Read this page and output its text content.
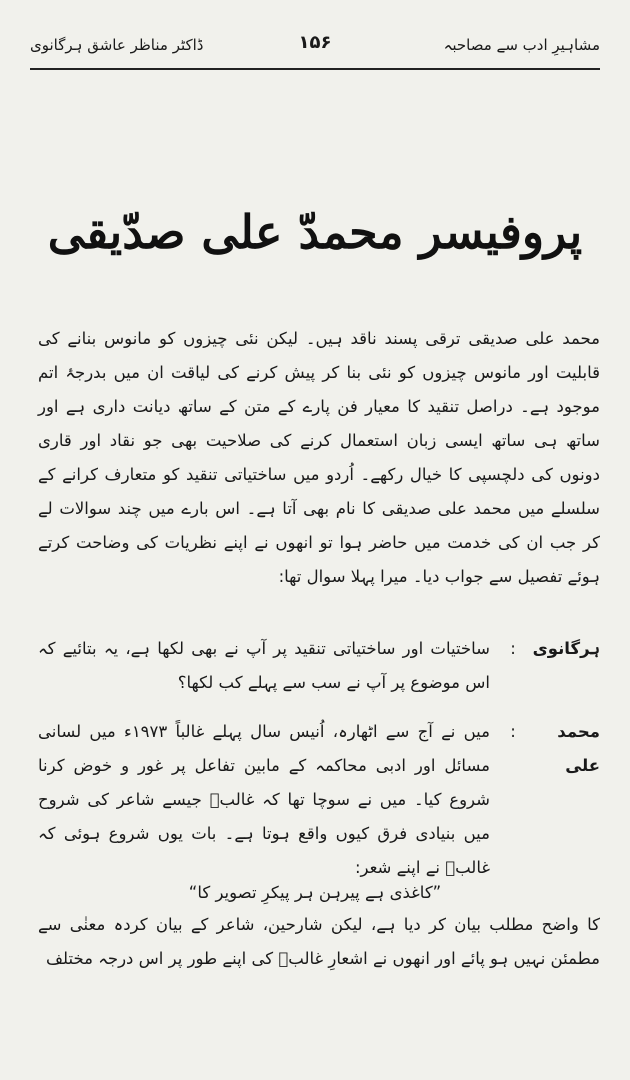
مشاہیرِ ادب سے مصاحبہ
۱۵۶
ڈاکٹر مناظر عاشق ہرگانوی
پروفیسر محمدّ علی صدّیقی

محمد علی صدیقی ترقی پسند ناقد ہیں۔ لیکن نئی چیزوں کو مانوس بنانے کی قابلیت اور مانوس چیزوں کو نئی بنا کر پیش کرنے کی لیاقت ان میں بدرجۂ اتم موجود ہے۔ دراصل تنقید کا معیار فن پارے کے متن کے ساتھ دیانت داری ہے اور ساتھ ہی ساتھ ایسی زبان استعمال کرنے کی صلاحیت بھی جو نقاد اور قاری دونوں کی دلچسپی کا خیال رکھے۔ اُردو میں ساختیاتی تنقید کو متعارف کرانے کے سلسلے میں محمد علی صدیقی کا نام بھی آتا ہے۔ اس بارے میں چند سوالات لے کر جب ان کی خدمت میں حاضر ہوا تو انھوں نے اپنے نظریات کی وضاحت کرتے ہوئے تفصیل سے جواب دیا۔ میرا پہلا سوال تھا:

ہرگانوی
:
ساختیات اور ساختیاتی تنقید پر آپ نے بھی لکھا ہے، یہ بتائیے کہ اس موضوع پر آپ نے سب سے پہلے کب لکھا؟
محمد علی
:
میں نے آج سے اٹھارہ، اُنیس سال پہلے غالباً ۱۹۷۳ء میں لسانی مسائل اور ادبی محاکمہ کے مابین تفاعل پر غور و خوض کرنا شروع کیا۔ میں نے سوچا تھا کہ غالبؔ جیسے شاعر کی شروح میں بنیادی فرق کیوں واقع ہوتا ہے۔ بات یوں شروع ہوئی کہ غالبؔ نے اپنے شعر:
”کاغذی ہے پیرہن ہر پیکرِ تصویر کا“
کا واضح مطلب بیان کر دیا ہے، لیکن شارحین، شاعر کے بیان کردہ معنٰی سے مطمئن نہیں ہو پائے اور انھوں نے اشعارِ غالبؔ کی اپنے طور پر اس درجہ مختلف
